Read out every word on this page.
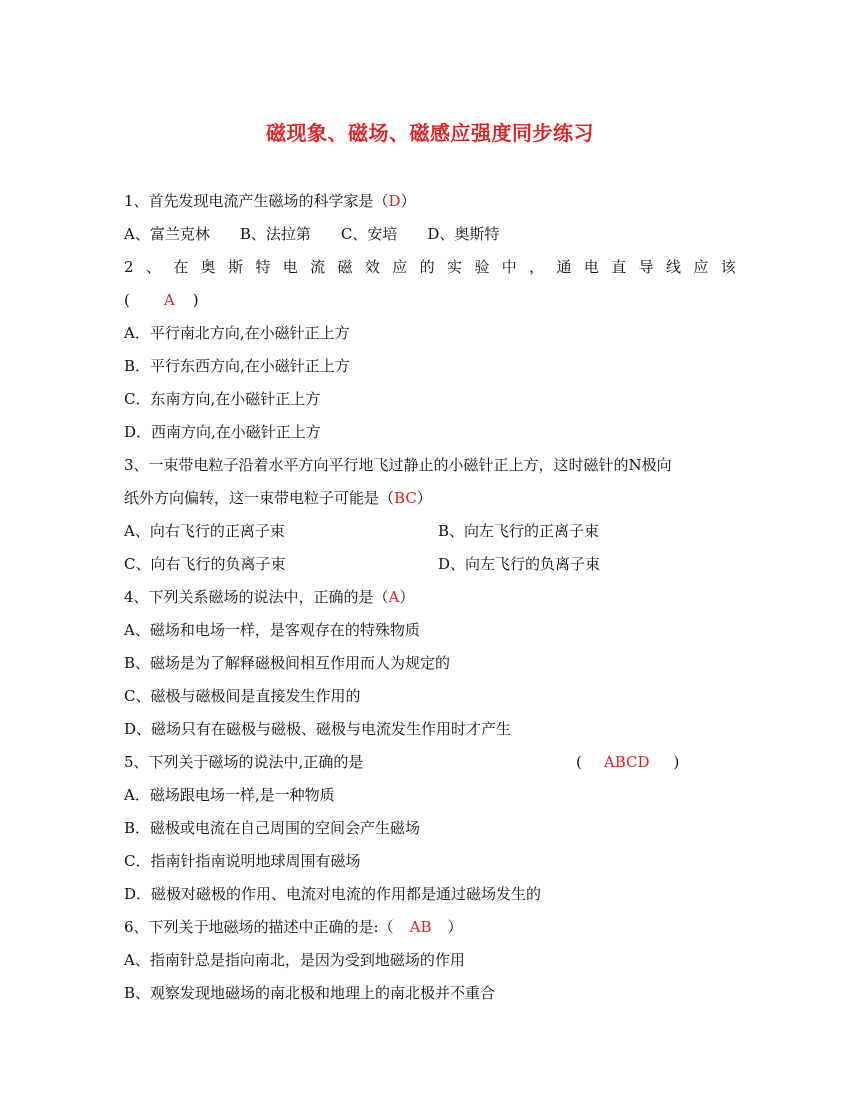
磁现象、磁场、磁感应强度同步练习
1、首先发现电流产生磁场的科学家是（D）
A、富兰克林　　B、法拉第　　C、安培　　D、奥斯特
2 、 在 奥 斯 特 电 流 磁 效 应 的 实 验 中 ， 通 电 直 导 线 应 该
( A )
A．平行南北方向,在小磁针正上方
B．平行东西方向,在小磁针正上方
C．东南方向,在小磁针正上方
D．西南方向,在小磁针正上方
3、一束带电粒子沿着水平方向平行地飞过静止的小磁针正上方，这时磁针的N极向
纸外方向偏转，这一束带电粒子可能是（BC）
A、向右飞行的正离子束	B、向左飞行的正离子束
C、向右飞行的负离子束	D、向左飞行的负离子束
4、下列关系磁场的说法中，正确的是（A）
A、磁场和电场一样，是客观存在的特殊物质
B、磁场是为了解释磁极间相互作用而人为规定的
C、磁极与磁极间是直接发生作用的
D、磁场只有在磁极与磁极、磁极与电流发生作用时才产生
5、下列关于磁场的说法中,正确的是	( ABCD )
A．磁场跟电场一样,是一种物质
B．磁极或电流在自己周围的空间会产生磁场
C．指南针指南说明地球周围有磁场
D．磁极对磁极的作用、电流对电流的作用都是通过磁场发生的
6、下列关于地磁场的描述中正确的是:（ AB ）
A、指南针总是指向南北，是因为受到地磁场的作用
B、观察发现地磁场的南北极和地理上的南北极并不重合
